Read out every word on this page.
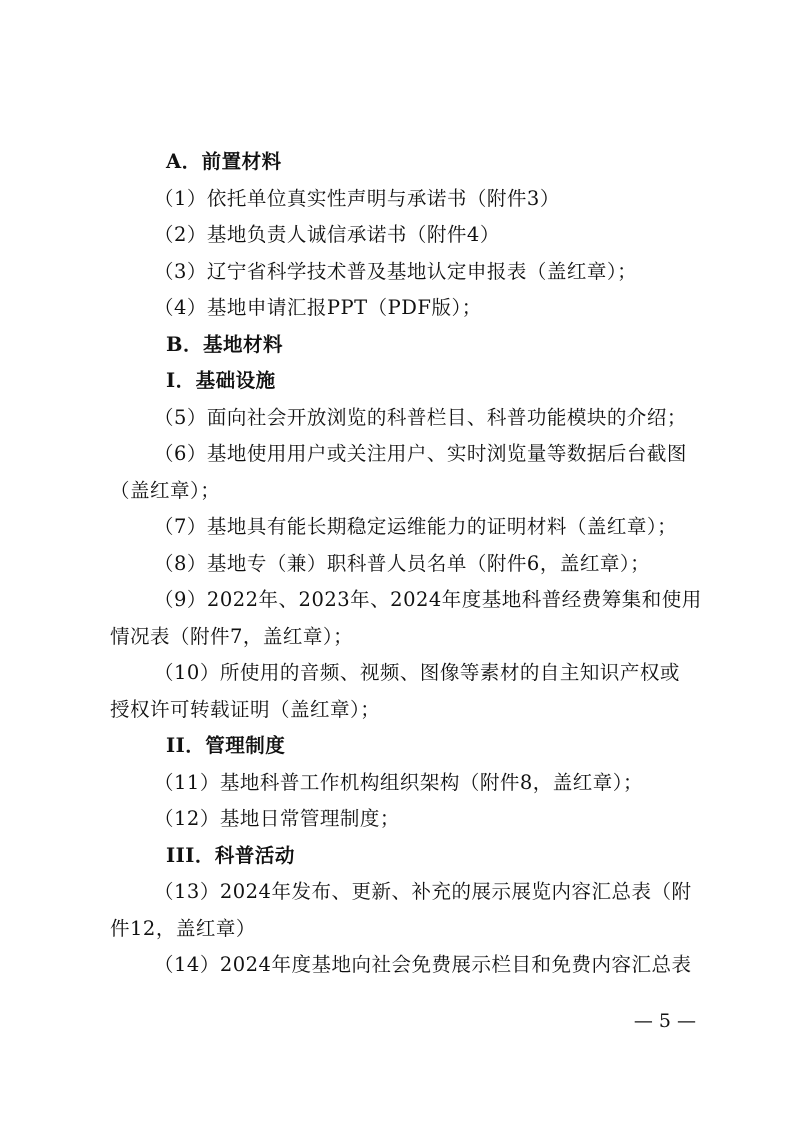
A．前置材料
（1）依托单位真实性声明与承诺书（附件3）
（2）基地负责人诚信承诺书（附件4）
（3）辽宁省科学技术普及基地认定申报表（盖红章）；
（4）基地申请汇报PPT（PDF版）；
B．基地材料
I．基础设施
（5）面向社会开放浏览的科普栏目、科普功能模块的介绍；
（6）基地使用用户或关注用户、实时浏览量等数据后台截图
（盖红章）；
（7）基地具有能长期稳定运维能力的证明材料（盖红章）；
（8）基地专（兼）职科普人员名单（附件6，盖红章）；
（9）2022年、2023年、2024年度基地科普经费筹集和使用
情况表（附件7，盖红章）；
（10）所使用的音频、视频、图像等素材的自主知识产权或
授权许可转载证明（盖红章）；
II．管理制度
（11）基地科普工作机构组织架构（附件8，盖红章）；
（12）基地日常管理制度；
III．科普活动
（13）2024年发布、更新、补充的展示展览内容汇总表（附
件12，盖红章）
（14）2024年度基地向社会免费展示栏目和免费内容汇总表
— 5 —
